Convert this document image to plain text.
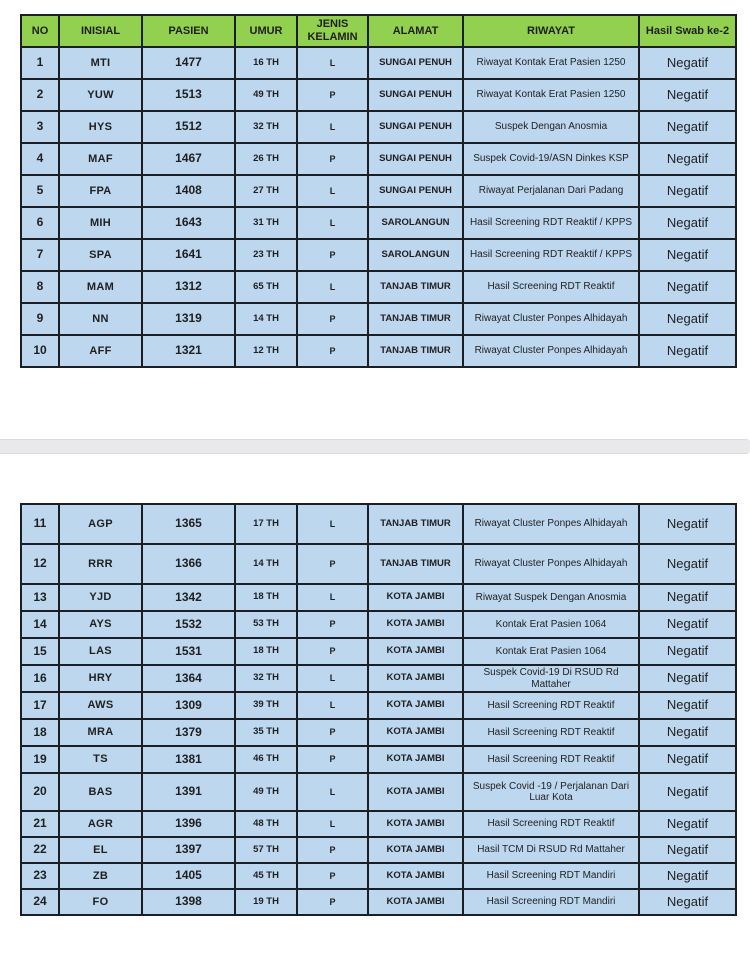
NO	INISIAL	PASIEN	UMUR	JENIS KELAMIN	ALAMAT	RIWAYAT	Hasil Swab ke-2
1	MTI	1477	16 TH	L	SUNGAI PENUH	Riwayat Kontak Erat Pasien 1250	Negatif
2	YUW	1513	49 TH	P	SUNGAI PENUH	Riwayat Kontak Erat Pasien 1250	Negatif
3	HYS	1512	32 TH	L	SUNGAI PENUH	Suspek Dengan Anosmia	Negatif
4	MAF	1467	26 TH	P	SUNGAI PENUH	Suspek Covid-19/ASN Dinkes KSP	Negatif
5	FPA	1408	27 TH	L	SUNGAI PENUH	Riwayat Perjalanan Dari Padang	Negatif
6	MIH	1643	31 TH	L	SAROLANGUN	Hasil Screening RDT Reaktif / KPPS	Negatif
7	SPA	1641	23 TH	P	SAROLANGUN	Hasil Screening RDT Reaktif / KPPS	Negatif
8	MAM	1312	65 TH	L	TANJAB TIMUR	Hasil Screening RDT Reaktif	Negatif
9	NN	1319	14 TH	P	TANJAB TIMUR	Riwayat Cluster Ponpes Alhidayah	Negatif
10	AFF	1321	12 TH	P	TANJAB TIMUR	Riwayat Cluster Ponpes Alhidayah	Negatif
11	AGP	1365	17 TH	L	TANJAB TIMUR	Riwayat Cluster Ponpes Alhidayah	Negatif
12	RRR	1366	14 TH	P	TANJAB TIMUR	Riwayat Cluster Ponpes Alhidayah	Negatif
13	YJD	1342	18 TH	L	KOTA JAMBI	Riwayat Suspek Dengan Anosmia	Negatif
14	AYS	1532	53 TH	P	KOTA JAMBI	Kontak Erat Pasien 1064	Negatif
15	LAS	1531	18 TH	P	KOTA JAMBI	Kontak Erat Pasien 1064	Negatif
16	HRY	1364	32 TH	L	KOTA JAMBI	Suspek Covid-19 Di RSUD Rd Mattaher	Negatif
17	AWS	1309	39 TH	L	KOTA JAMBI	Hasil Screening RDT Reaktif	Negatif
18	MRA	1379	35 TH	P	KOTA JAMBI	Hasil Screening RDT Reaktif	Negatif
19	TS	1381	46 TH	P	KOTA JAMBI	Hasil Screening RDT Reaktif	Negatif
20	BAS	1391	49 TH	L	KOTA JAMBI	Suspek Covid -19 / Perjalanan Dari Luar Kota	Negatif
21	AGR	1396	48 TH	L	KOTA JAMBI	Hasil Screening RDT Reaktif	Negatif
22	EL	1397	57 TH	P	KOTA JAMBI	Hasil TCM Di RSUD Rd Mattaher	Negatif
23	ZB	1405	45 TH	P	KOTA JAMBI	Hasil Screening RDT Mandiri	Negatif
24	FO	1398	19 TH	P	KOTA JAMBI	Hasil Screening RDT Mandiri	Negatif
